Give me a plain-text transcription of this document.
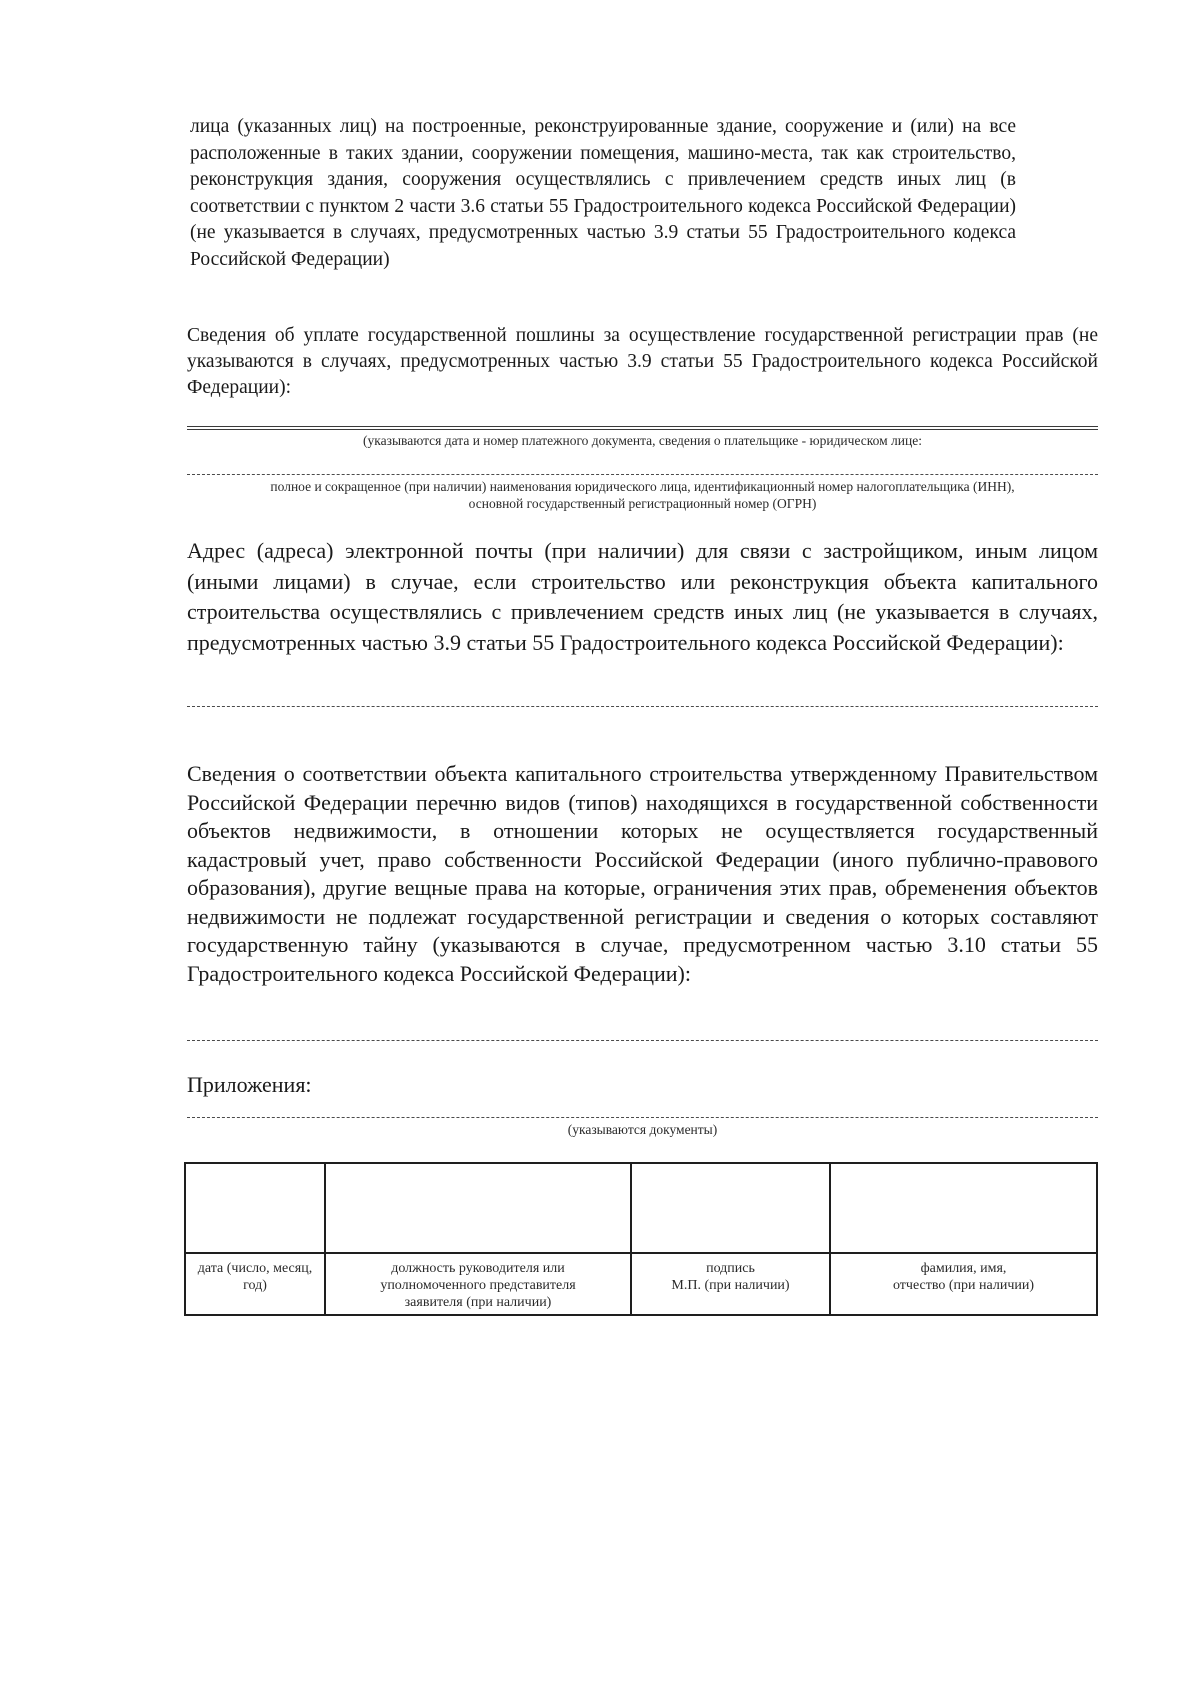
лица (указанных лиц) на построенные, реконструированные здание, сооружение и (или) на все расположенные в таких здании, сооружении помещения, машино-места, так как строительство, реконструкция здания, сооружения осуществлялись с привлечением средств иных лиц (в соответствии с пунктом 2 части 3.6 статьи 55 Градостроительного кодекса Российской Федерации) (не указывается в случаях, предусмотренных частью 3.9 статьи 55 Градостроительного кодекса Российской Федерации)

Сведения об уплате государственной пошлины за осуществление государственной регистрации прав (не указываются в случаях, предусмотренных частью 3.9 статьи 55 Градостроительного кодекса Российской Федерации):

(указываются дата и номер платежного документа, сведения о плательщике - юридическом лице:
полное и сокращенное (при наличии) наименования юридического лица, идентификационный номер налогоплательщика (ИНН),
основной государственный регистрационный номер (ОГРН)

Адрес (адреса) электронной почты (при наличии) для связи с застройщиком, иным лицом (иными лицами) в случае, если строительство или реконструкция объекта капитального строительства осуществлялись с привлечением средств иных лиц (не указывается в случаях, предусмотренных частью 3.9 статьи 55 Градостроительного кодекса Российской Федерации):

Сведения о соответствии объекта капитального строительства утвержденному Правительством Российской Федерации перечню видов (типов) находящихся в государственной собственности объектов недвижимости, в отношении которых не осуществляется государственный кадастровый учет, право собственности Российской Федерации (иного публично-правового образования), другие вещные права на которые, ограничения этих прав, обременения объектов недвижимости не подлежат государственной регистрации и сведения о которых составляют государственную тайну (указываются в случае, предусмотренном частью 3.10 статьи 55 Градостроительного кодекса Российской Федерации):

Приложения:
(указываются документы)

дата (число, месяц,
год)	должность руководителя или
уполномоченного представителя
заявителя (при наличии)	подпись
М.П. (при наличии)	фамилия, имя,
отчество (при наличии)
